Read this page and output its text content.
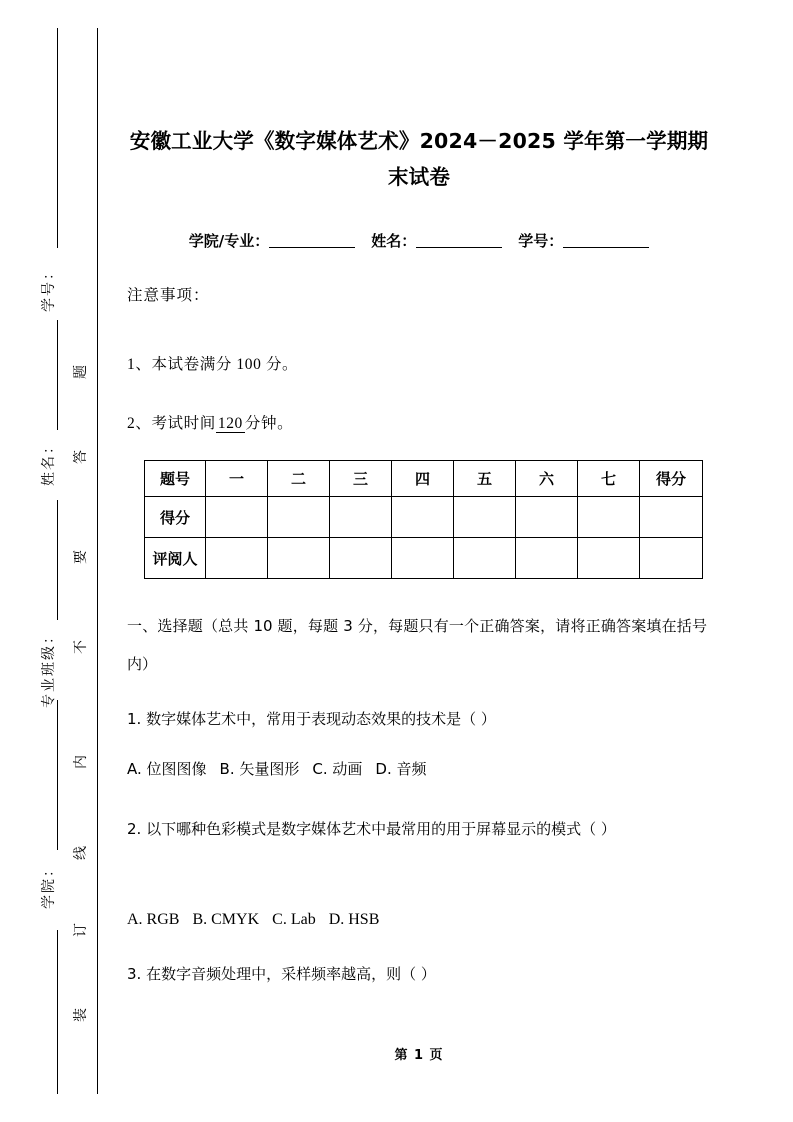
学号：
姓名：
专业班级：
学院：
题
答
要
不
内
线
订
装
安徽工业大学《数字媒体艺术》2024－2025 学年第一学期期末试卷
学院/专业：	姓名：	学号：
注意事项：
1、本试卷满分 100 分。
2、考试时间 120 分钟。
题号	一	二	三	四	五	六	七	得分
得分								
评阅人								
一、选择题（总共 10 题，每题 3 分，每题只有一个正确答案，请将正确答案填在括号内）
1. 数字媒体艺术中，常用于表现动态效果的技术是（ ）
A. 位图图像 B. 矢量图形 C. 动画 D. 音频
2. 以下哪种色彩模式是数字媒体艺术中最常用的用于屏幕显示的模式（ ）
A. RGB B. CMYK C. Lab D. HSB
3. 在数字音频处理中，采样频率越高，则（ ）
第 1 页
